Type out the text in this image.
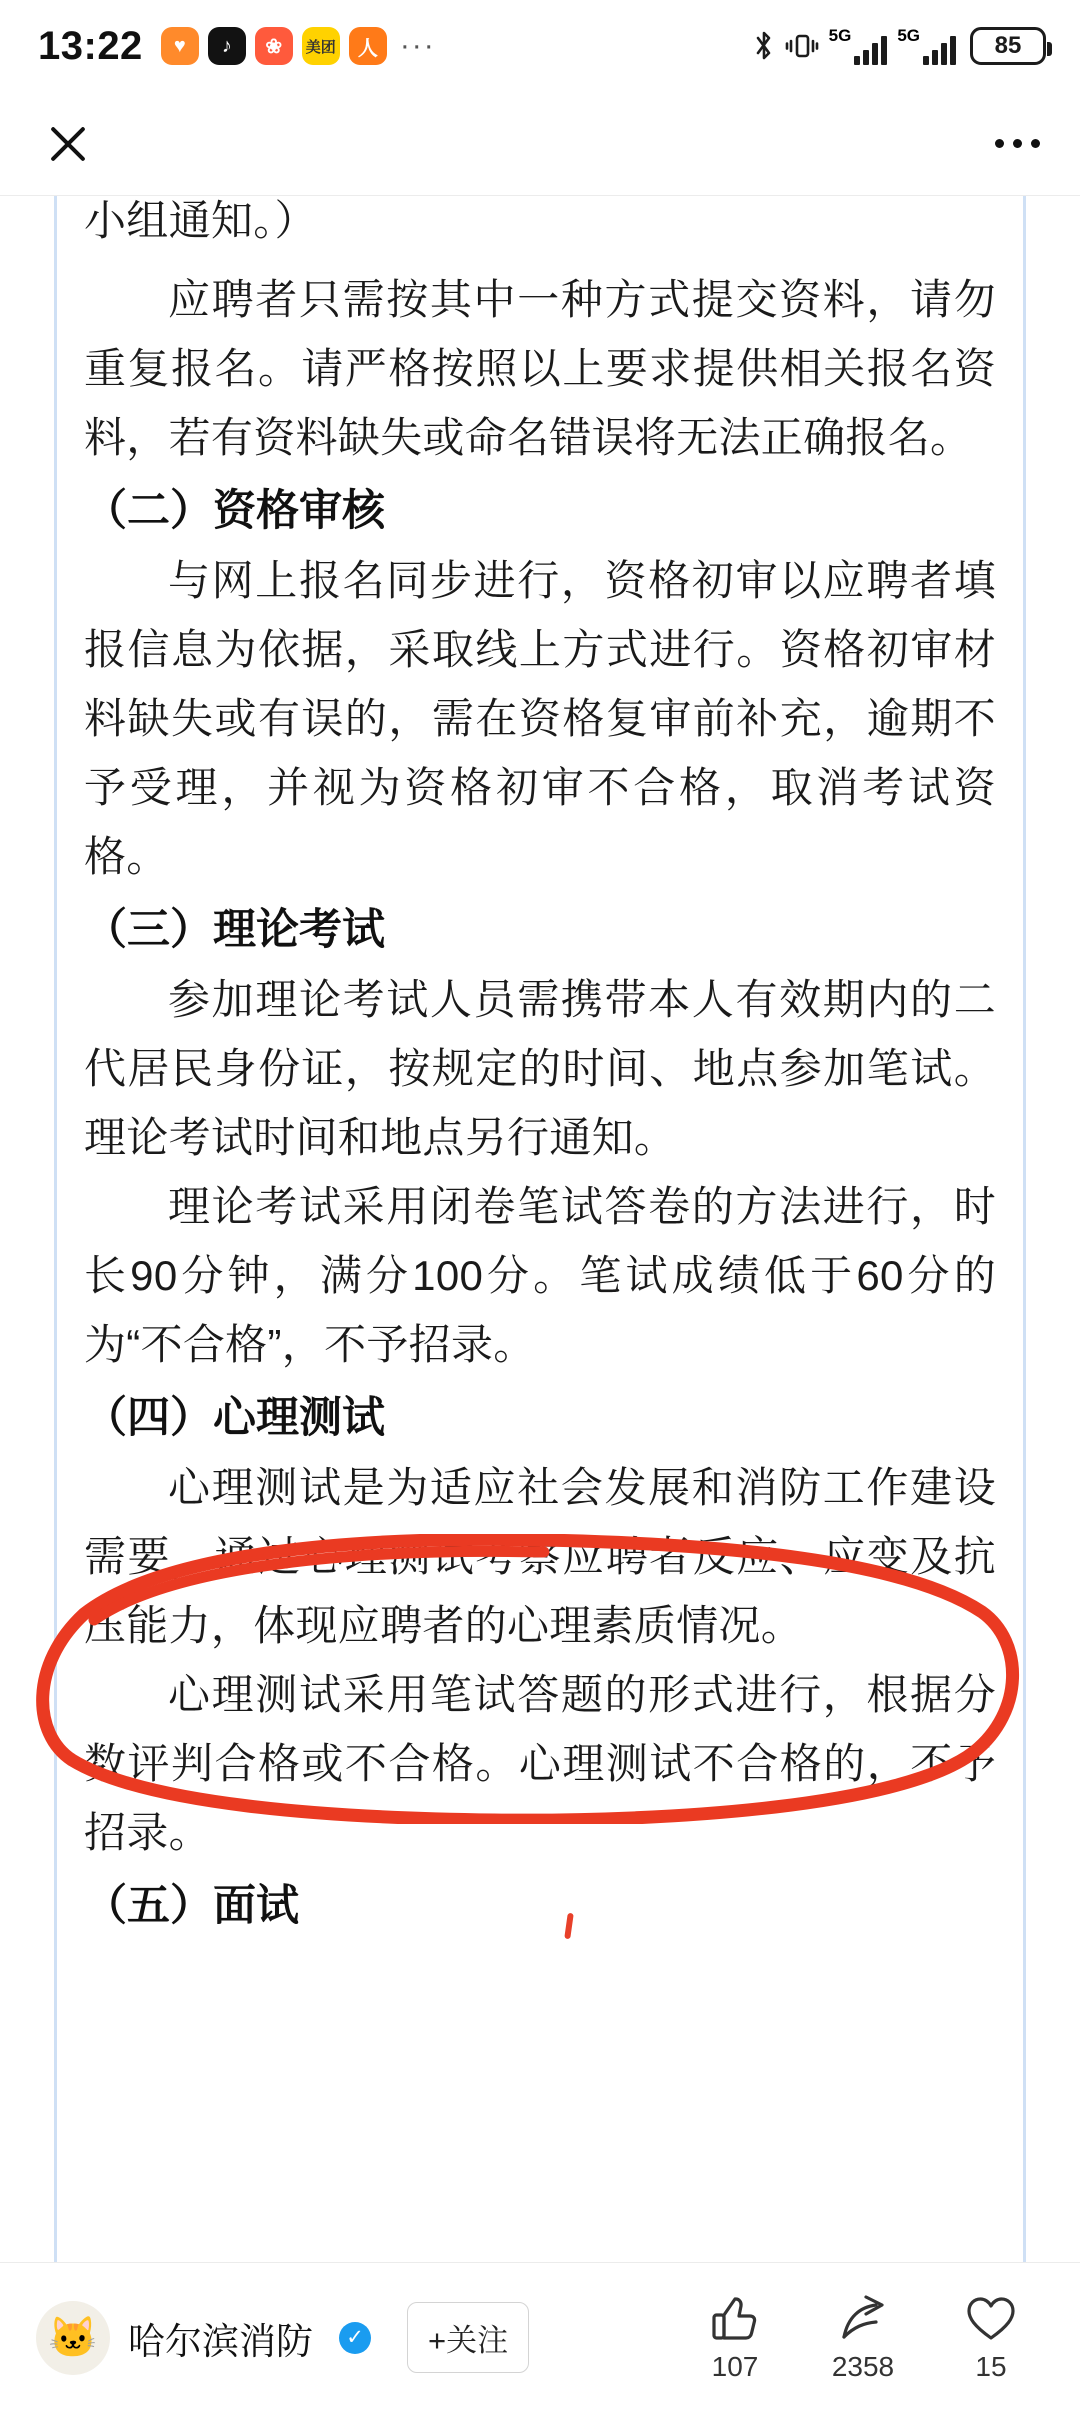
13:22 ♥ ♪ ❀ 美团 人 ···	5G	5G	85

小组通知。）

应聘者只需按其中一种方式提交资料，请勿重复报名。请严格按照以上要求提供相关报名资料，若有资料缺失或命名错误将无法正确报名。

（二）资格审核

与网上报名同步进行，资格初审以应聘者填报信息为依据，采取线上方式进行。资格初审材料缺失或有误的，需在资格复审前补充，逾期不予受理，并视为资格初审不合格，取消考试资格。

（三）理论考试

参加理论考试人员需携带本人有效期内的二代居民身份证，按规定的时间、地点参加笔试。理论考试时间和地点另行通知。

理论考试采用闭卷笔试答卷的方法进行，时长90分钟，满分100分。笔试成绩低于60分的为“不合格”，不予招录。

（四）心理测试

心理测试是为适应社会发展和消防工作建设需要，通过心理测试考察应聘者反应、应变及抗压能力，体现应聘者的心理素质情况。

心理测试采用笔试答题的形式进行，根据分数评判合格或不合格。心理测试不合格的，不予招录。

（五）面试
🐱 哈尔滨消防 ✓	+关注
107	2358	15
